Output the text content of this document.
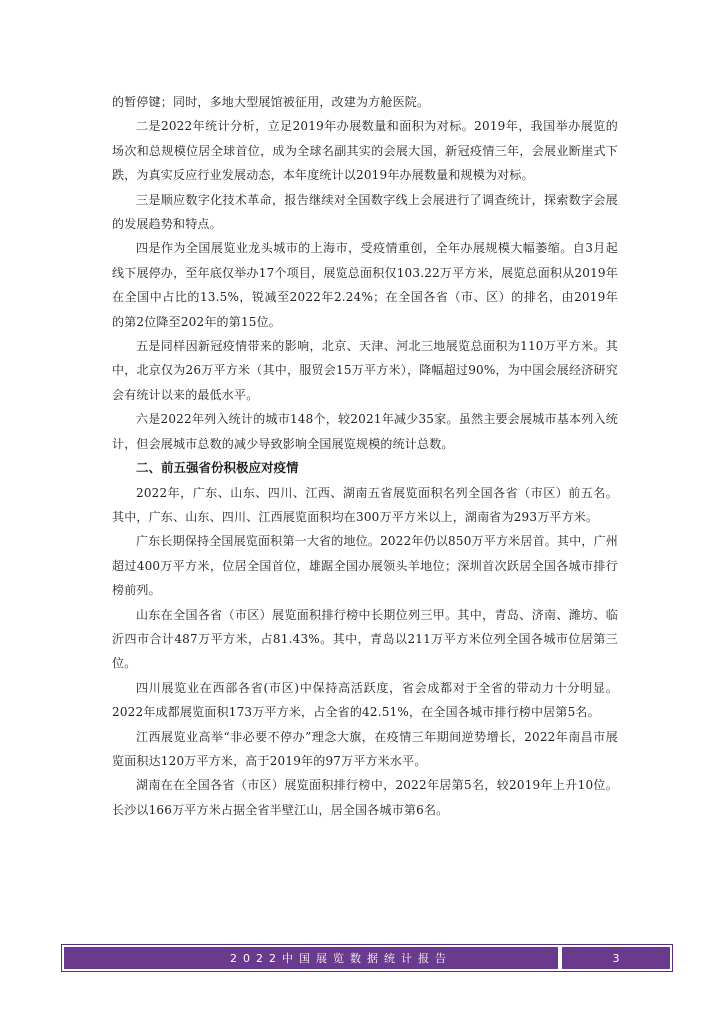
的暂停键；同时，多地大型展馆被征用，改建为方舱医院。

二是2022年统计分析，立足2019年办展数量和面积为对标。2019年，我国举办展览的场次和总规模位居全球首位，成为全球名副其实的会展大国，新冠疫情三年，会展业断崖式下跌，为真实反应行业发展动态，本年度统计以2019年办展数量和规模为对标。

三是顺应数字化技术革命，报告继续对全国数字线上会展进行了调查统计，探索数字会展的发展趋势和特点。

四是作为全国展览业龙头城市的上海市，受疫情重创，全年办展规模大幅萎缩。自3月起线下展停办，至年底仅举办17个项目，展览总面积仅103.22万平方米，展览总面积从2019年在全国中占比的13.5%，锐减至2022年2.24%；在全国各省（市、区）的排名，由2019年的第2位降至202年的第15位。

五是同样因新冠疫情带来的影响，北京、天津、河北三地展览总面积为110万平方米。其中，北京仅为26万平方米（其中，服贸会15万平方米），降幅超过90%，为中国会展经济研究会有统计以来的最低水平。

六是2022年列入统计的城市148个，较2021年减少35家。虽然主要会展城市基本列入统计，但会展城市总数的减少导致影响全国展览规模的统计总数。

二、前五强省份积极应对疫情

2022年，广东、山东、四川、江西、湖南五省展览面积名列全国各省（市区）前五名。其中，广东、山东、四川、江西展览面积均在300万平方米以上，湖南省为293万平方米。

广东长期保持全国展览面积第一大省的地位。2022年仍以850万平方米居首。其中，广州超过400万平方米，位居全国首位，雄踞全国办展领头羊地位；深圳首次跃居全国各城市排行榜前列。

山东在全国各省（市区）展览面积排行榜中长期位列三甲。其中，青岛、济南、潍坊、临沂四市合计487万平方米，占81.43%。其中，青岛以211万平方米位列全国各城市位居第三位。

四川展览业在西部各省(市区)中保持高活跃度，省会成都对于全省的带动力十分明显。2022年成都展览面积173万平方米，占全省的42.51%，在全国各城市排行榜中居第5名。

江西展览业高举“非必要不停办”理念大旗，在疫情三年期间逆势增长，2022年南昌市展览面积达120万平方米，高于2019年的97万平方米水平。

湖南在在全国各省（市区）展览面积排行榜中，2022年居第5名，较2019年上升10位。长沙以166万平方米占据全省半壁江山，居全国各城市第6名。

2022中国展览数据统计报告	3
